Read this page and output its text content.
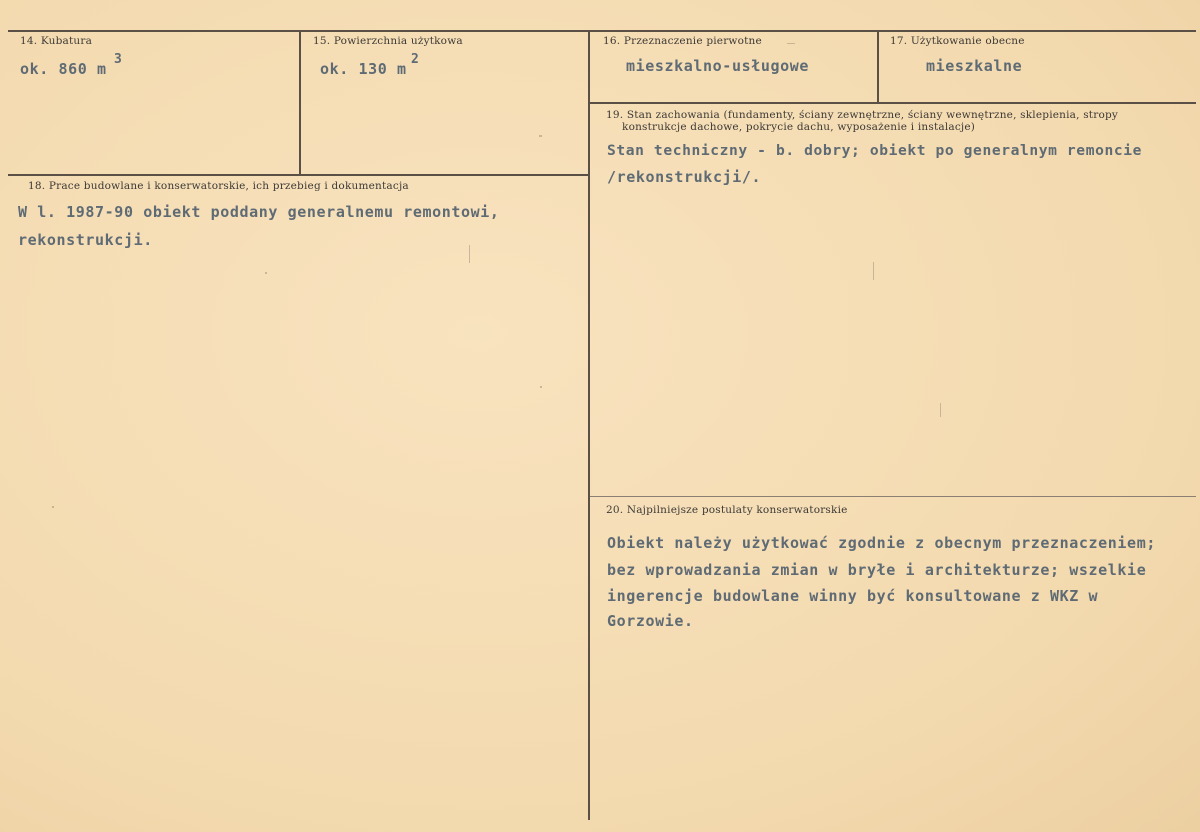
14. Kubatura
ok. 860 m
3
15. Powierzchnia użytkowa
ok. 130 m
2
16. Przeznaczenie pierwotne
mieszkalno-usługowe
17. Użytkowanie obecne
mieszkalne
18. Prace budowlane i konserwatorskie, ich przebieg i dokumentacja
W l. 1987-90 obiekt poddany generalnemu remontowi,
rekonstrukcji.
19. Stan zachowania (fundamenty, ściany zewnętrzne, ściany wewnętrzne, sklepienia, stropy
konstrukcje dachowe, pokrycie dachu, wyposażenie i instalacje)
Stan techniczny - b. dobry; obiekt po generalnym remoncie
/rekonstrukcji/.
20. Najpilniejsze postulaty konserwatorskie
Obiekt należy użytkować zgodnie z obecnym przeznaczeniem;
bez wprowadzania zmian w bryłe i architekturze; wszelkie
ingerencje budowlane winny być konsultowane z WKZ w
Gorzowie.
